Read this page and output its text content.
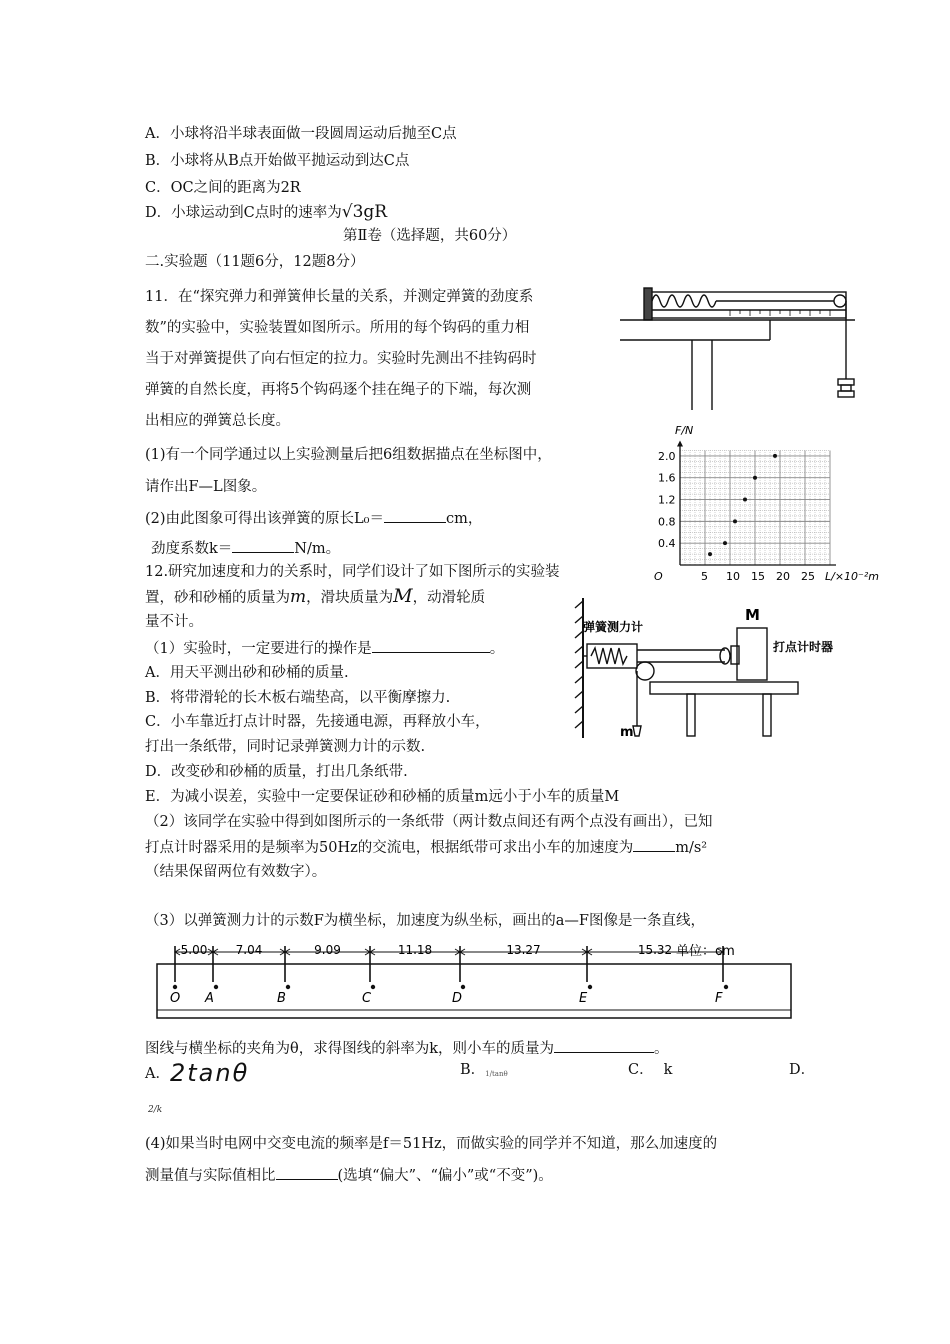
A．小球将沿半球表面做一段圆周运动后抛至C点
B．小球将从B点开始做平抛运动到达C点
C．OC之间的距离为2R
D．小球运动到C点时的速率为√3gR
第Ⅱ卷（选择题，共60分）
二.实验题（11题6分，12题8分）
11．在“探究弹力和弹簧伸长量的关系，并测定弹簧的劲度系
数”的实验中，实验装置如图所示。所用的每个钩码的重力相
当于对弹簧提供了向右恒定的拉力。实验时先测出不挂钩码时
弹簧的自然长度，再将5个钩码逐个挂在绳子的下端，每次测
出相应的弹簧总长度。
(1)有一个同学通过以上实验测量后把6组数据描点在坐标图中，
请作出F—L图象。
(2)由此图象可得出该弹簧的原长L₀＝	cm，
劲度系数k＝	N/m。	0.4
0.8
1.2
1.6
2.0
5 10 15 20 25
F/N
L/×10⁻²m
O
12.研究加速度和力的关系时，同学们设计了如下图所示的实验装
置，砂和砂桶的质量为m，滑块质量为M，动滑轮质
量不计。
（1）实验时，一定要进行的操作是	。
A．用天平测出砂和砂桶的质量.
B．将带滑轮的长木板右端垫高，以平衡摩擦力.
C．小车靠近打点计时器，先接通电源，再释放小车，
打出一条纸带，同时记录弹簧测力计的示数.
D．改变砂和砂桶的质量，打出几条纸带.
E．为减小误差，实验中一定要保证砂和砂桶的质量m远小于小车的质量M
（2）该同学在实验中得到如图所示的一条纸带（两计数点间还有两个点没有画出），已知
打点计时器采用的是频率为50Hz的交流电，根据纸带可求出小车的加速度为	m/s²
（结果保留两位有效数字）。
（3）以弹簧测力计的示数F为横坐标，加速度为纵坐标，画出的a—F图像是一条直线，
弹簧测力计
M
打点计时器
m
O A	B	C	D	E	F
5.00 7.04	9.09	11.18	13.27	15.32 单位：cm
图线与横坐标的夹角为θ，求得图线的斜率为k，则小车的质量为	。
A．2tanθ	B．1/tanθ	C． k	D．
2/k
(4)如果当时电网中交变电流的频率是f＝51Hz，而做实验的同学并不知道，那么加速度的
测量值与实际值相比	(选填“偏大”、“偏小”或“不变”)。
